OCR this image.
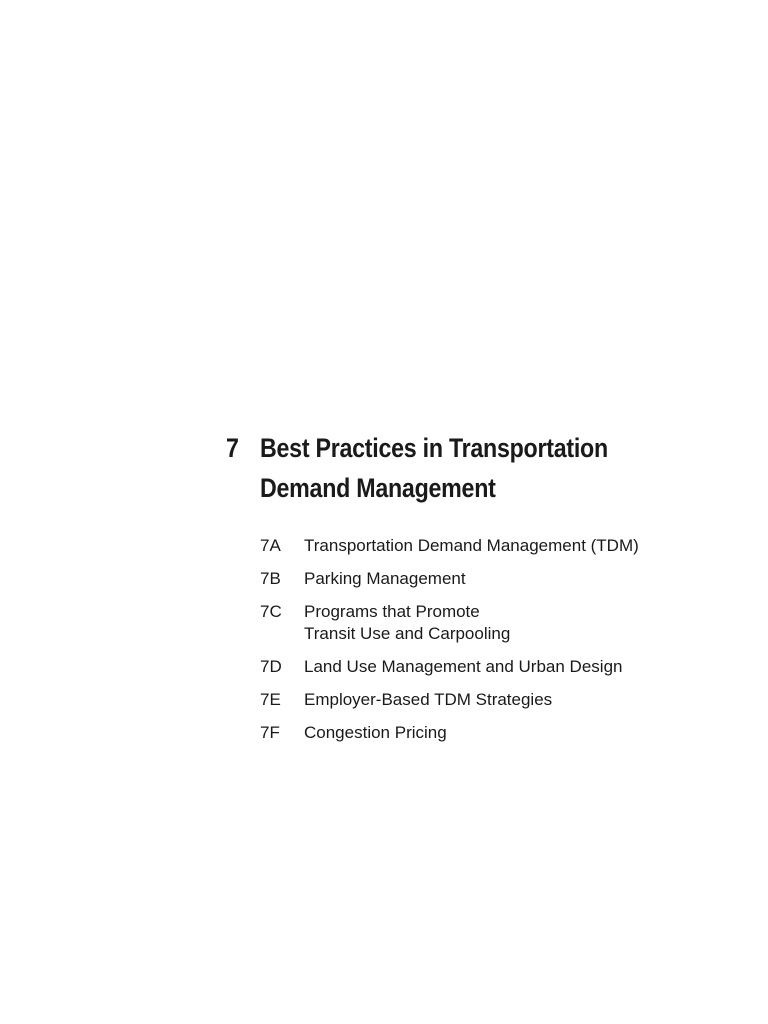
7 Best Practices in Transportation
Demand Management
7A	Transportation Demand Management (TDM)
7B	Parking Management
7C	Programs that Promote
Transit Use and Carpooling
7D	Land Use Management and Urban Design
7E	Employer-Based TDM Strategies
7F	Congestion Pricing
